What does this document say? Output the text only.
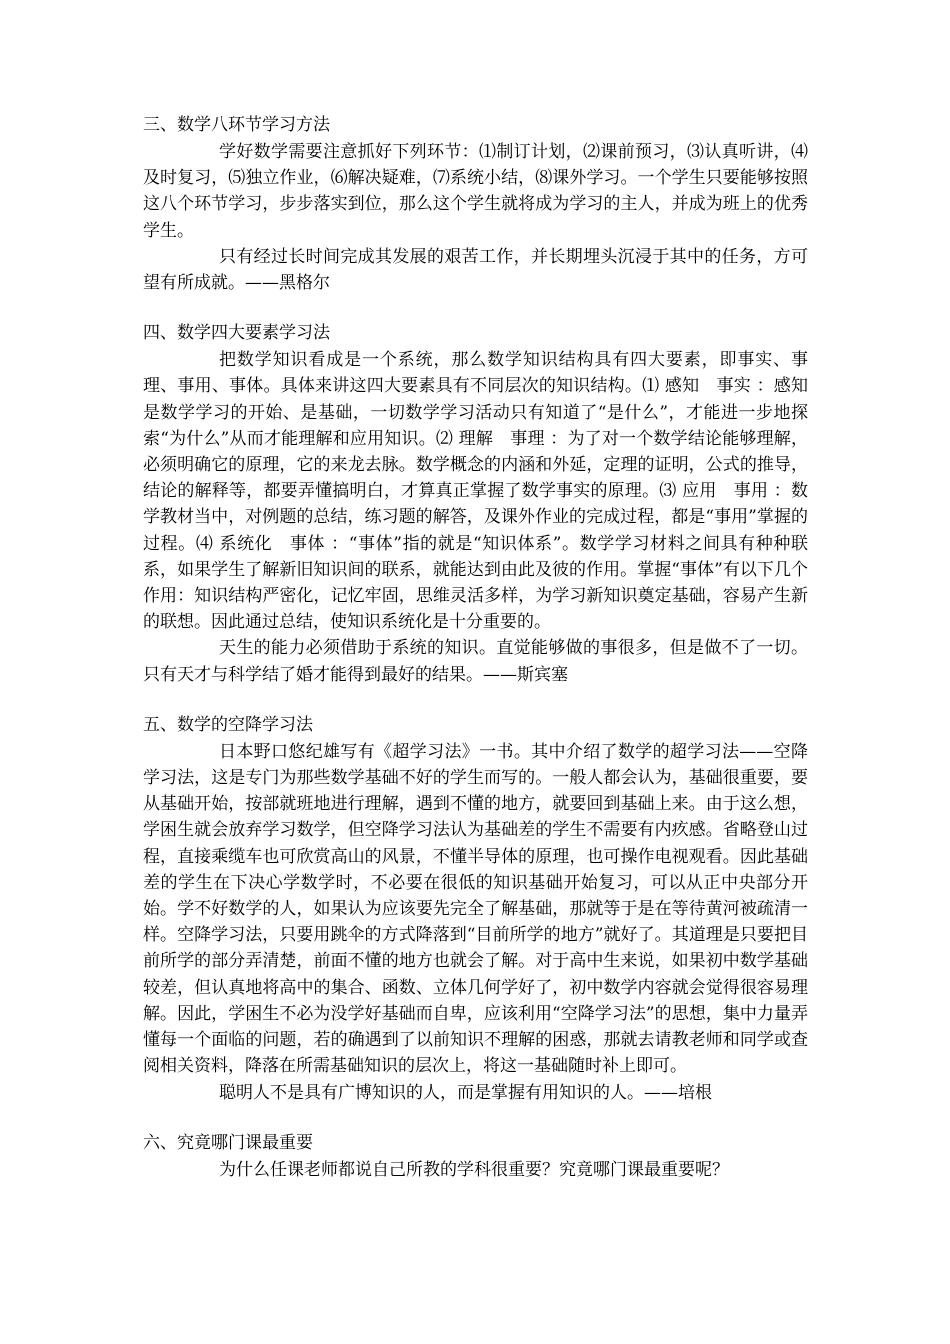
三、数学八环节学习方法
学好数学需要注意抓好下列环节：⑴制订计划，⑵课前预习，⑶认真听讲，⑷及时复习，⑸独立作业，⑹解决疑难，⑺系统小结，⑻课外学习。一个学生只要能够按照这八个环节学习，步步落实到位，那么这个学生就将成为学习的主人，并成为班上的优秀学生。
只有经过长时间完成其发展的艰苦工作，并长期埋头沉浸于其中的任务，方可望有所成就。——黑格尔
四、数学四大要素学习法
把数学知识看成是一个系统，那么数学知识结构具有四大要素，即事实、事理、事用、事体。具体来讲这四大要素具有不同层次的知识结构。⑴ 感知　事实 ：感知是数学学习的开始、是基础，一切数学学习活动只有知道了“是什么”，才能进一步地探索“为什么”从而才能理解和应用知识。⑵ 理解　事理 ：为了对一个数学结论能够理解，必须明确它的原理，它的来龙去脉。数学概念的内涵和外延，定理的证明，公式的推导，结论的解释等，都要弄懂搞明白，才算真正掌握了数学事实的原理。⑶ 应用　事用 ：数学教材当中，对例题的总结，练习题的解答，及课外作业的完成过程，都是“事用”掌握的过程。⑷ 系统化　事体 ：“事体”指的就是“知识体系”。数学学习材料之间具有种种联系，如果学生了解新旧知识间的联系，就能达到由此及彼的作用。掌握“事体”有以下几个作用：知识结构严密化，记忆牢固，思维灵活多样，为学习新知识奠定基础，容易产生新的联想。因此通过总结，使知识系统化是十分重要的。
天生的能力必须借助于系统的知识。直觉能够做的事很多，但是做不了一切。只有天才与科学结了婚才能得到最好的结果。——斯宾塞
五、数学的空降学习法
日本野口悠纪雄写有《超学习法》一书。其中介绍了数学的超学习法——空降学习法，这是专门为那些数学基础不好的学生而写的。一般人都会认为，基础很重要，要从基础开始，按部就班地进行理解，遇到不懂的地方，就要回到基础上来。由于这么想，学困生就会放弃学习数学，但空降学习法认为基础差的学生不需要有内疚感。省略登山过程，直接乘缆车也可欣赏高山的风景，不懂半导体的原理，也可操作电视观看。因此基础差的学生在下决心学数学时，不必要在很低的知识基础开始复习，可以从正中央部分开始。学不好数学的人，如果认为应该要先完全了解基础，那就等于是在等待黄河被疏清一样。空降学习法，只要用跳伞的方式降落到“目前所学的地方”就好了。其道理是只要把目前所学的部分弄清楚，前面不懂的地方也就会了解。对于高中生来说，如果初中数学基础较差，但认真地将高中的集合、函数、立体几何学好了，初中数学内容就会觉得很容易理解。因此，学困生不必为没学好基础而自卑，应该利用“空降学习法”的思想，集中力量弄懂每一个面临的问题，若的确遇到了以前知识不理解的困惑，那就去请教老师和同学或查阅相关资料，降落在所需基础知识的层次上，将这一基础随时补上即可。
聪明人不是具有广博知识的人，而是掌握有用知识的人。——培根
六、究竟哪门课最重要
为什么任课老师都说自己所教的学科很重要？究竟哪门课最重要呢？
